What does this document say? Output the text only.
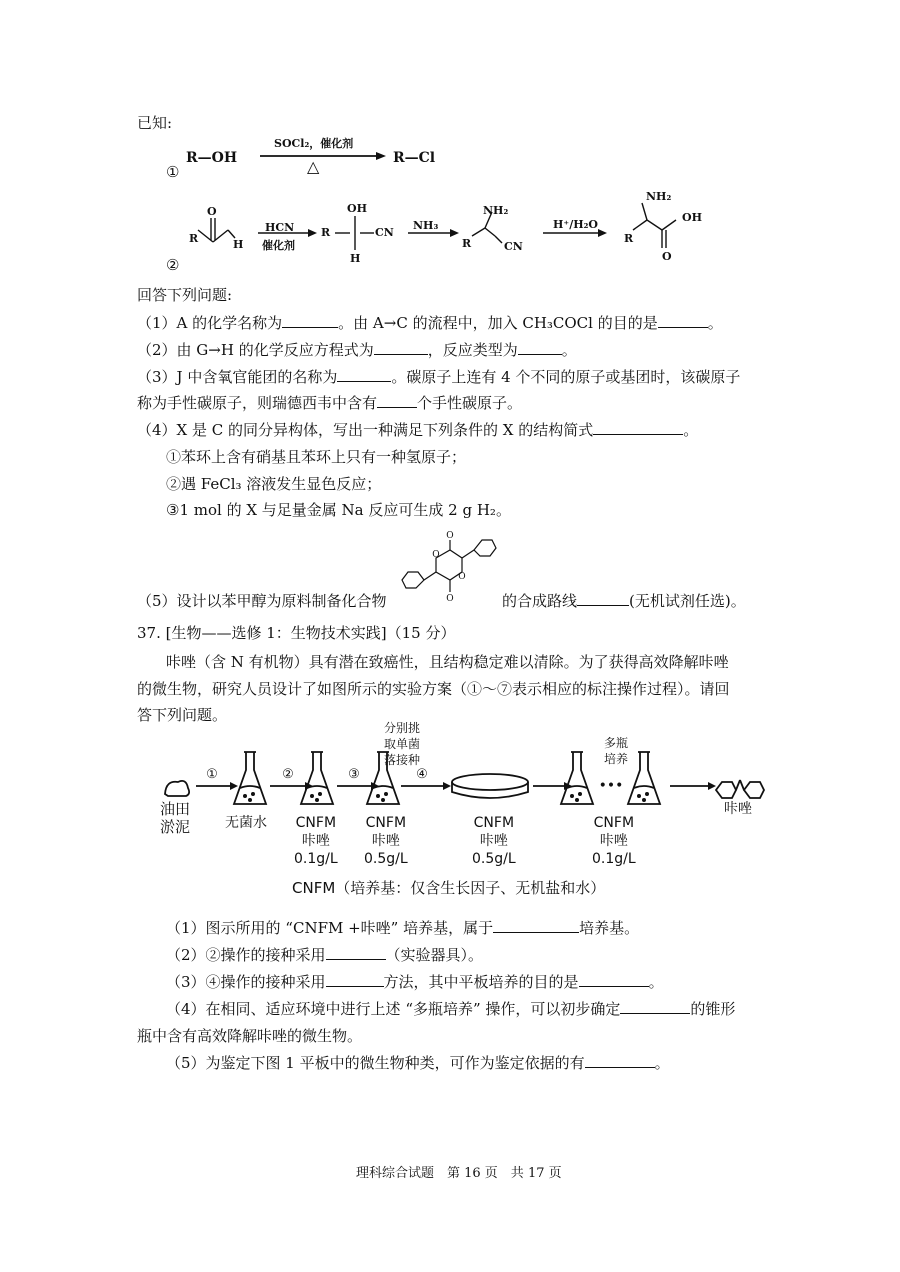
已知:
①
R—OH
SOCl₂，催化剂
△	R—Cl
②
R
O
H
HCN
催化剂
R
OH
CN
H
NH₃
R
NH₂
CN
H⁺/H₂O
R
NH₂
OH
O
回答下列问题:
（1）A 的化学名称为	。由 A→C 的流程中，加入 CH₃COCl 的目的是	。
（2）由 G→H 的化学反应方程式为	，反应类型为	。
（3）J 中含氧官能团的名称为	。碳原子上连有 4 个不同的原子或基团时，该碳原子
称为手性碳原子，则瑞德西韦中含有	个手性碳原子。
（4）X 是 C 的同分异构体，写出一种满足下列条件的 X 的结构简式	。
①苯环上含有硝基且苯环上只有一种氢原子；
②遇 FeCl₃ 溶液发生显色反应；
③1 mol 的 X 与足量金属 Na 反应可生成 2 g H₂。
（5）设计以苯甲醇为原料制备化合物
O
O
O
O	的合成路线	(无机试剂任选)。
37. [生物——选修 1：生物技术实践]（15 分）
咔唑（含 N 有机物）具有潜在致癌性，且结构稳定难以清除。为了获得高效降解咔唑
的微生物，研究人员设计了如图所示的实验方案（①～⑦表示相应的标注操作过程）。请回
答下列问题。
①	②	③	④
•••
分别挑
取单菌
落接种
多瓶
培养
油田
淤泥 无菌水 CNFM
咔唑
0.1g/L
CNFM
咔唑
0.5g/L
CNFM
咔唑
0.5g/L
CNFM
咔唑
0.1g/L
咔唑
CNFM（培养基：仅含生长因子、无机盐和水）
（1）图示所用的 “CNFM +咔唑” 培养基，属于	培养基。
（2）②操作的接种采用	（实验器具）。
（3）④操作的接种采用	方法，其中平板培养的目的是	。
（4）在相同、适应环境中进行上述 “多瓶培养” 操作，可以初步确定	的锥形
瓶中含有高效降解咔唑的微生物。
（5）为鉴定下图 1 平板中的微生物种类，可作为鉴定依据的有	。
理科综合试题　第 16 页　共 17 页
